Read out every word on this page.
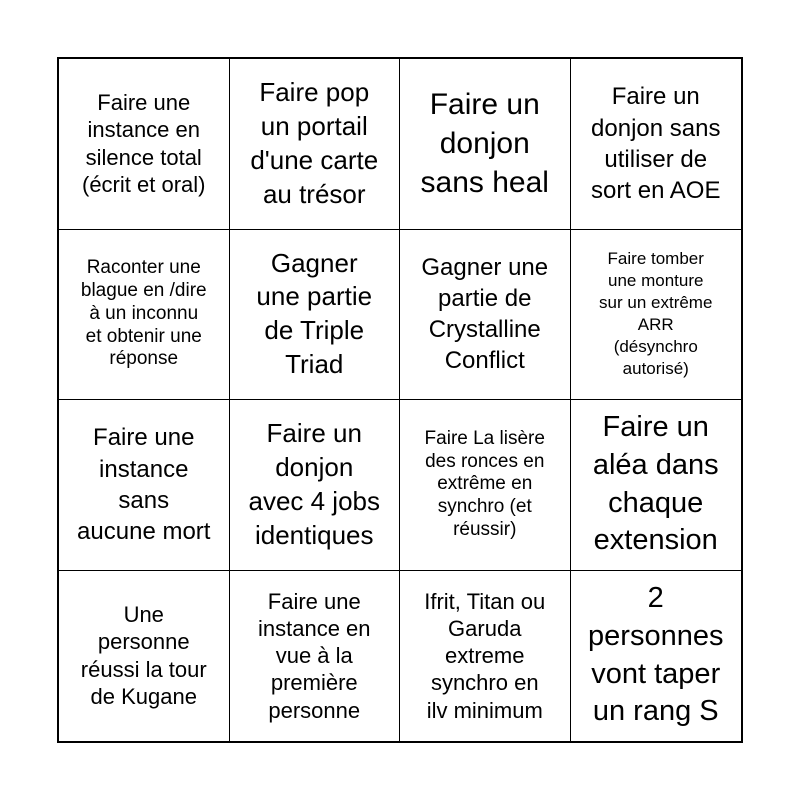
Faire une
instance en
silence total
(écrit et oral)
Faire pop
un portail
d'une carte
au trésor
Faire un
donjon
sans heal
Faire un
donjon sans
utiliser de
sort en AOE
Raconter une
blague en /dire
à un inconnu
et obtenir une
réponse
Gagner
une partie
de Triple
Triad
Gagner une
partie de
Crystalline
Conflict
Faire tomber
une monture
sur un extrême
ARR
(désynchro
autorisé)
Faire une
instance
sans
aucune mort
Faire un
donjon
avec 4 jobs
identiques
Faire La lisère
des ronces en
extrême en
synchro (et
réussir)
Faire un
aléa dans
chaque
extension
Une
personne
réussi la tour
de Kugane
Faire une
instance en
vue à la
première
personne
Ifrit, Titan ou
Garuda
extreme
synchro en
ilv minimum
2
personnes
vont taper
un rang S
